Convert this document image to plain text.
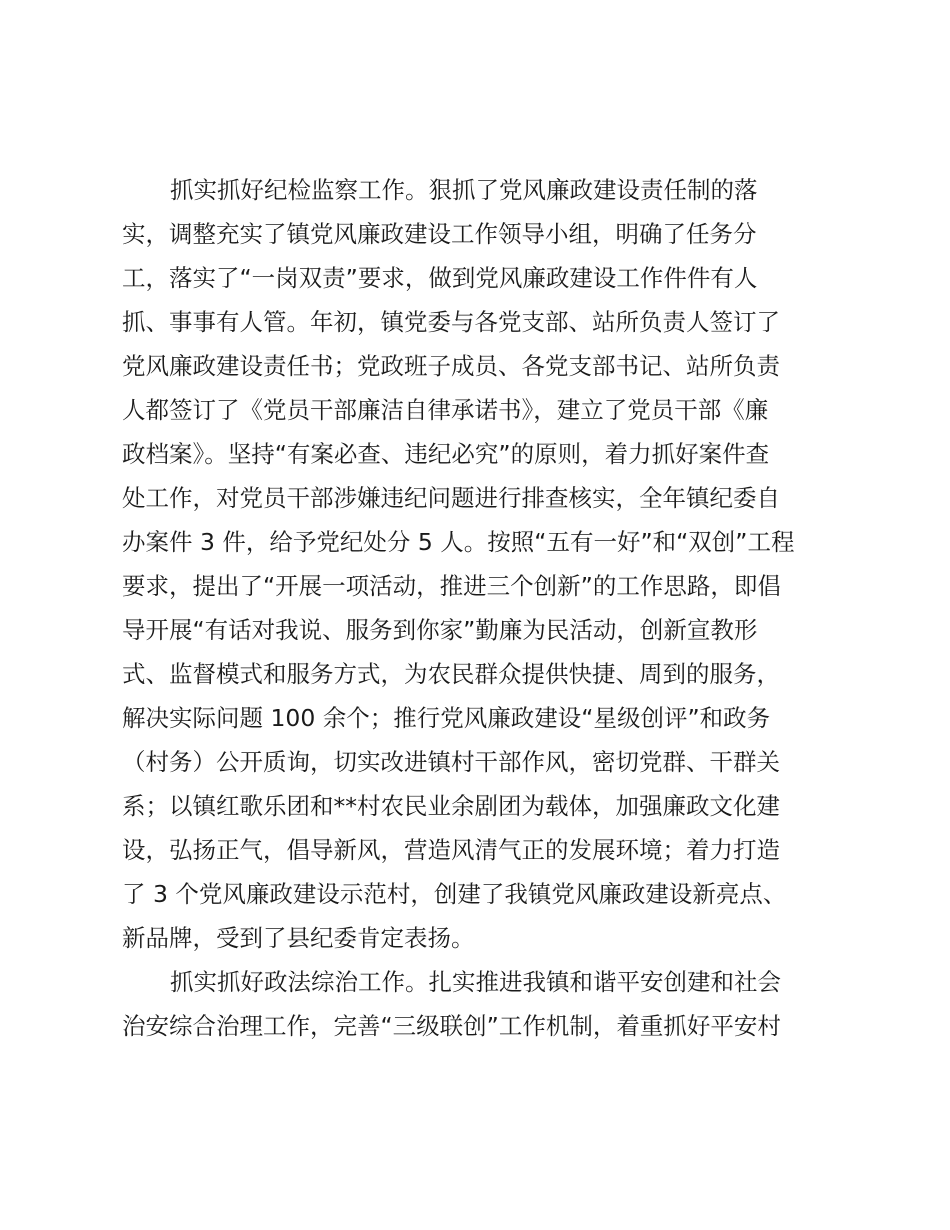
抓实抓好纪检监察工作。狠抓了党风廉政建设责任制的落
实，调整充实了镇党风廉政建设工作领导小组，明确了任务分
工，落实了“一岗双责”要求，做到党风廉政建设工作件件有人
抓、事事有人管。年初，镇党委与各党支部、站所负责人签订了
党风廉政建设责任书；党政班子成员、各党支部书记、站所负责
人都签订了《党员干部廉洁自律承诺书》，建立了党员干部《廉
政档案》。坚持“有案必查、违纪必究”的原则，着力抓好案件查
处工作，对党员干部涉嫌违纪问题进行排查核实，全年镇纪委自
办案件 3 件，给予党纪处分 5 人。按照“五有一好”和“双创”工程
要求，提出了“开展一项活动，推进三个创新”的工作思路，即倡
导开展“有话对我说、服务到你家”勤廉为民活动，创新宣教形
式、监督模式和服务方式，为农民群众提供快捷、周到的服务，
解决实际问题 100 余个；推行党风廉政建设“星级创评”和政务
（村务）公开质询，切实改进镇村干部作风，密切党群、干群关
系；以镇红歌乐团和**村农民业余剧团为载体，加强廉政文化建
设，弘扬正气，倡导新风，营造风清气正的发展环境；着力打造
了 3 个党风廉政建设示范村，创建了我镇党风廉政建设新亮点、
新品牌，受到了县纪委肯定表扬。
抓实抓好政法综治工作。扎实推进我镇和谐平安创建和社会
治安综合治理工作，完善“三级联创”工作机制，着重抓好平安村
